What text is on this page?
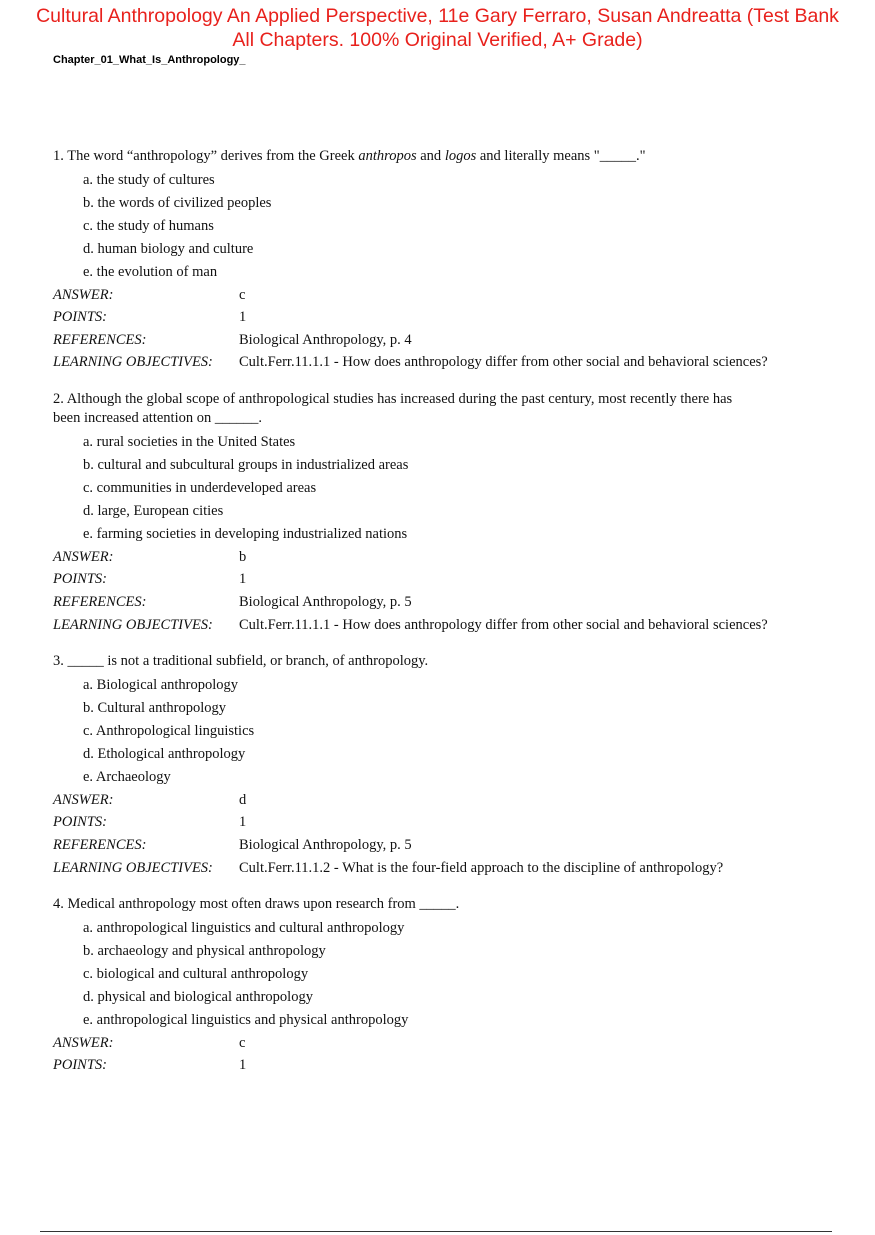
Cultural Anthropology An Applied Perspective, 11e Gary Ferraro, Susan Andreatta (Test Bank
All Chapters. 100% Original Verified, A+ Grade)
Chapter_01_What_Is_Anthropology_

1. The word “anthropology” derives from the Greek anthropos and logos and literally means "_____."

a. the study of cultures
b. the words of civilized peoples
c. the study of humans
d. human biology and culture
e. the evolution of man
ANSWER:	c
POINTS:	1
REFERENCES:	Biological Anthropology, p. 4
LEARNING OBJECTIVES:	Cult.Ferr.11.1.1 - How does anthropology differ from other social and behavioral sciences?

2. Although the global scope of anthropological studies has increased during the past century, most recently there has
been increased attention on ______.

a. rural societies in the United States
b. cultural and subcultural groups in industrialized areas
c. communities in underdeveloped areas
d. large, European cities
e. farming societies in developing industrialized nations
ANSWER:	b
POINTS:	1
REFERENCES:	Biological Anthropology, p. 5
LEARNING OBJECTIVES:	Cult.Ferr.11.1.1 - How does anthropology differ from other social and behavioral sciences?

3. _____ is not a traditional subfield, or branch, of anthropology.

a. Biological anthropology
b. Cultural anthropology
c. Anthropological linguistics
d. Ethological anthropology
e. Archaeology
ANSWER:	d
POINTS:	1
REFERENCES:	Biological Anthropology, p. 5
LEARNING OBJECTIVES:	Cult.Ferr.11.1.2 - What is the four-field approach to the discipline of anthropology?

4. Medical anthropology most often draws upon research from _____.

a. anthropological linguistics and cultural anthropology
b. archaeology and physical anthropology
c. biological and cultural anthropology
d. physical and biological anthropology
e. anthropological linguistics and physical anthropology
ANSWER:	c
POINTS:	1
